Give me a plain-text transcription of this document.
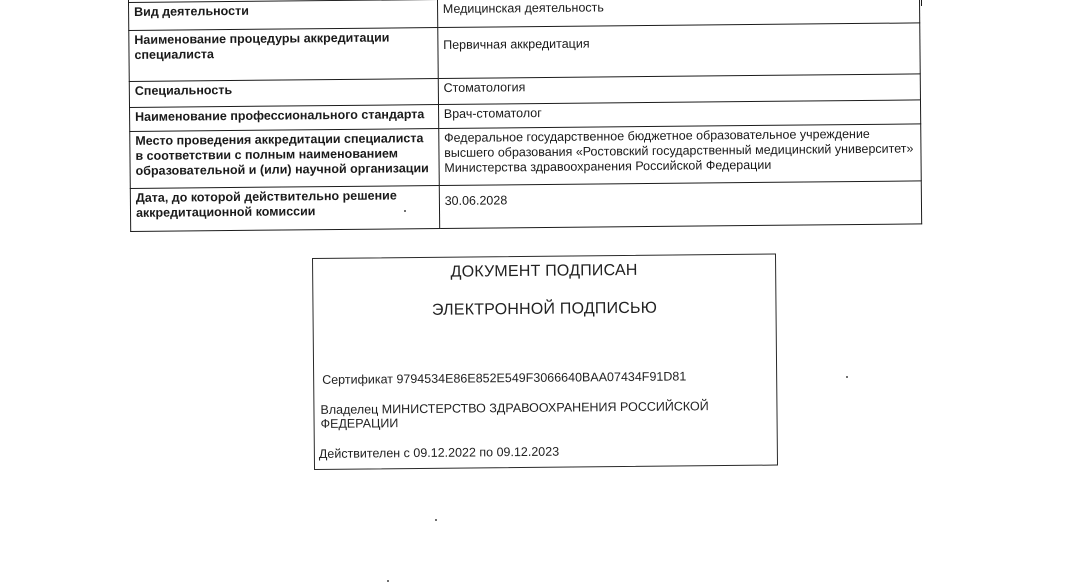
Вид деятельности	Медицинская деятельность
Наименование процедуры аккредитации специалиста	Первичная аккредитация
Специальность	Стоматология
Наименование профессионального стандарта	Врач-стоматолог
Место проведения аккредитации специалиста в соответствии с полным наименованием образовательной и (или) научной организации	Федеральное государственное бюджетное образовательное учреждение высшего образования «Ростовский государственный медицинский университет» Министерства здравоохранения Российской Федерации
Дата, до которой действительно решение аккредитационной комиссии	30.06.2028
ДОКУМЕНТ ПОДПИСАН
ЭЛЕКТРОННОЙ ПОДПИСЬЮ
Сертификат 9794534E86E852E549F3066640BAA07434F91D81
Владелец МИНИСТЕРСТВО ЗДРАВООХРАНЕНИЯ РОССИЙСКОЙ ФЕДЕРАЦИИ
Действителен с 09.12.2022 по 09.12.2023
